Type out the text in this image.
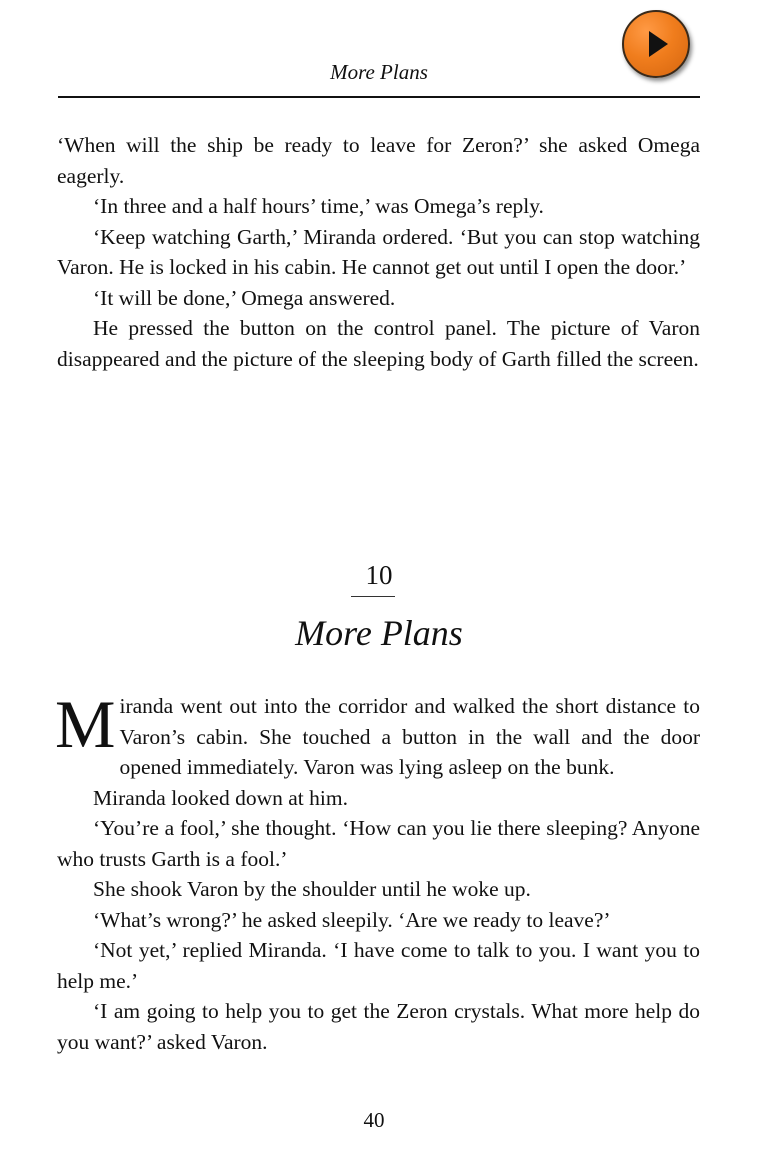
More Plans

‘When will the ship be ready to leave for Zeron?’ she asked Omega eagerly.

‘In three and a half hours’ time,’ was Omega’s reply.

‘Keep watching Garth,’ Miranda ordered. ‘But you can stop watching Varon. He is locked in his cabin. He cannot get out until I open the door.’

‘It will be done,’ Omega answered.

He pressed the button on the control panel. The picture of Varon disappeared and the picture of the sleeping body of Garth filled the screen.

10
More Plans

Miranda went out into the corridor and walked the short distance to Varon’s cabin. She touched a button in the wall and the door opened immediately. Varon was lying asleep on the bunk.

Miranda looked down at him.

‘You’re a fool,’ she thought. ‘How can you lie there sleeping? Anyone who trusts Garth is a fool.’

She shook Varon by the shoulder until he woke up.

‘What’s wrong?’ he asked sleepily. ‘Are we ready to leave?’

‘Not yet,’ replied Miranda. ‘I have come to talk to you. I want you to help me.’

‘I am going to help you to get the Zeron crystals. What more help do you want?’ asked Varon.

40
